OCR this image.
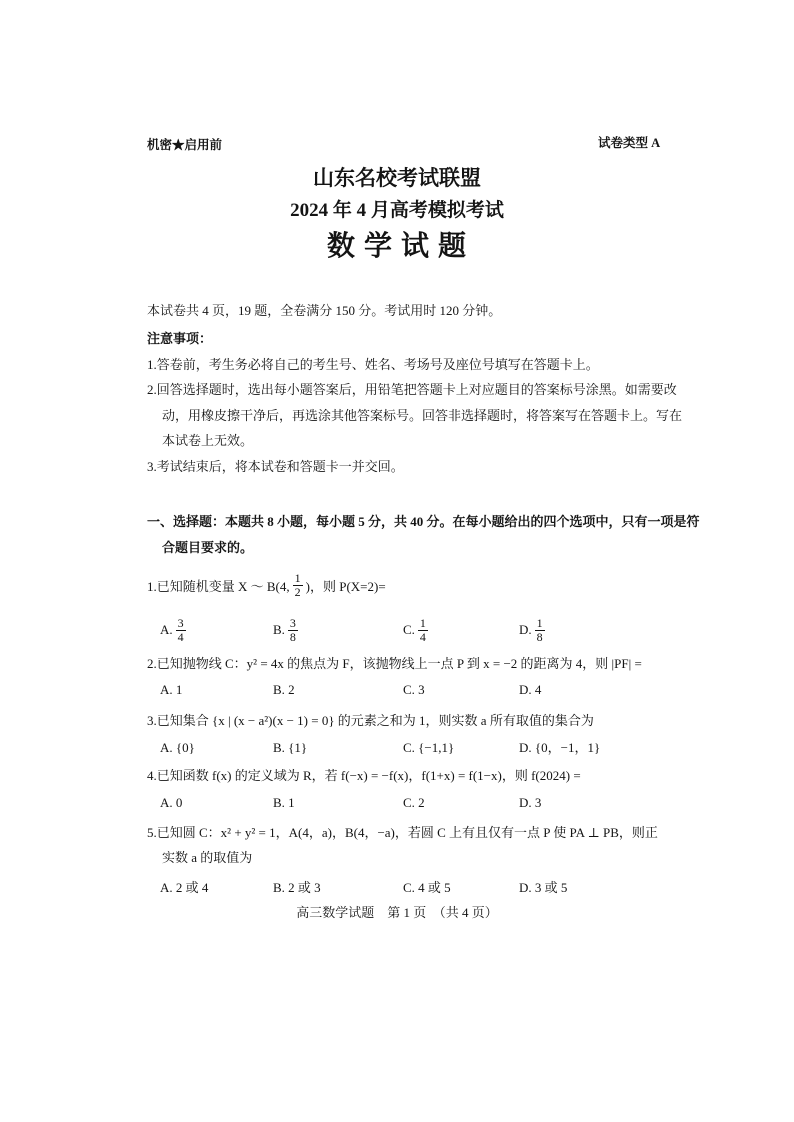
机密★启用前	试卷类型 A
山东名校考试联盟
2024 年 4 月高考模拟考试
数 学 试 题
本试卷共 4 页，19 题，全卷满分 150 分。考试用时 120 分钟。
注意事项：
1.答卷前，考生务必将自己的考生号、姓名、考场号及座位号填写在答题卡上。
2.回答选择题时，选出每小题答案后，用铅笔把答题卡上对应题目的答案标号涂黑。如需要改
动，用橡皮擦干净后，再选涂其他答案标号。回答非选择题时，将答案写在答题卡上。写在
本试卷上无效。
3.考试结束后，将本试卷和答题卡一并交回。
一、选择题：本题共 8 小题，每小题 5 分，共 40 分。在每小题给出的四个选项中，只有一项是符
合题目要求的。
1.已知随机变量 X ～ B(4, $\frac{1}{2}$ )，则 P(X=2)=
A. $\frac{3}{4}$	B. $\frac{3}{8}$	C. $\frac{1}{4}$	D. $\frac{1}{8}$
2.已知抛物线 C：y² = 4x 的焦点为 F，该抛物线上一点 P 到 x = −2 的距离为 4，则 |PF| =
A. 1	B. 2	C. 3	D. 4
3.已知集合 {x | (x − a²)(x − 1) = 0} 的元素之和为 1，则实数 a 所有取值的集合为
A. {0}	B. {1}	C. {−1,1}	D. {0，−1，1}
4.已知函数 f(x) 的定义域为 R，若 f(−x) = −f(x)，f(1+x) = f(1−x)，则 f(2024) =
A. 0	B. 1	C. 2	D. 3
5.已知圆 C：x² + y² = 1，A(4，a)，B(4，−a)，若圆 C 上有且仅有一点 P 使 PA ⊥ PB，则正
实数 a 的取值为
A. 2 或 4	B. 2 或 3	C. 4 或 5	D. 3 或 5
高三数学试题　第 1 页　（共 4 页）
